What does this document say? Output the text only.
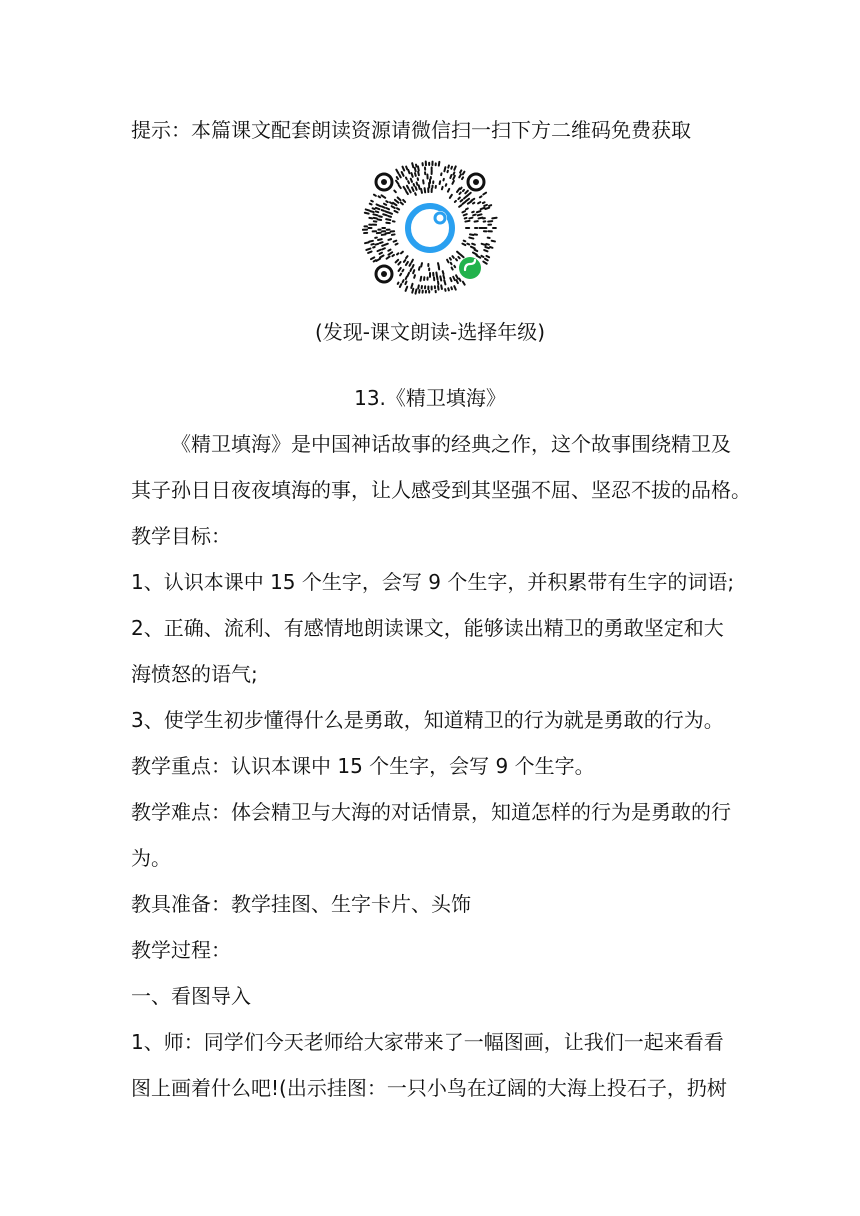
提示：本篇课文配套朗读资源请微信扫一扫下方二维码免费获取
(发现-课文朗读-选择年级)
13.《精卫填海》
《精卫填海》是中国神话故事的经典之作，这个故事围绕精卫及
其子孙日日夜夜填海的事，让人感受到其坚强不屈、坚忍不拔的品格。
教学目标：
1、认识本课中 15 个生字，会写 9 个生字，并积累带有生字的词语;
2、正确、流利、有感情地朗读课文，能够读出精卫的勇敢坚定和大
海愤怒的语气;
3、使学生初步懂得什么是勇敢，知道精卫的行为就是勇敢的行为。
教学重点：认识本课中 15 个生字，会写 9 个生字。
教学难点：体会精卫与大海的对话情景，知道怎样的行为是勇敢的行
为。
教具准备：教学挂图、生字卡片、头饰
教学过程：
一、看图导入
1、师：同学们今天老师给大家带来了一幅图画，让我们一起来看看
图上画着什么吧!(出示挂图：一只小鸟在辽阔的大海上投石子，扔树
